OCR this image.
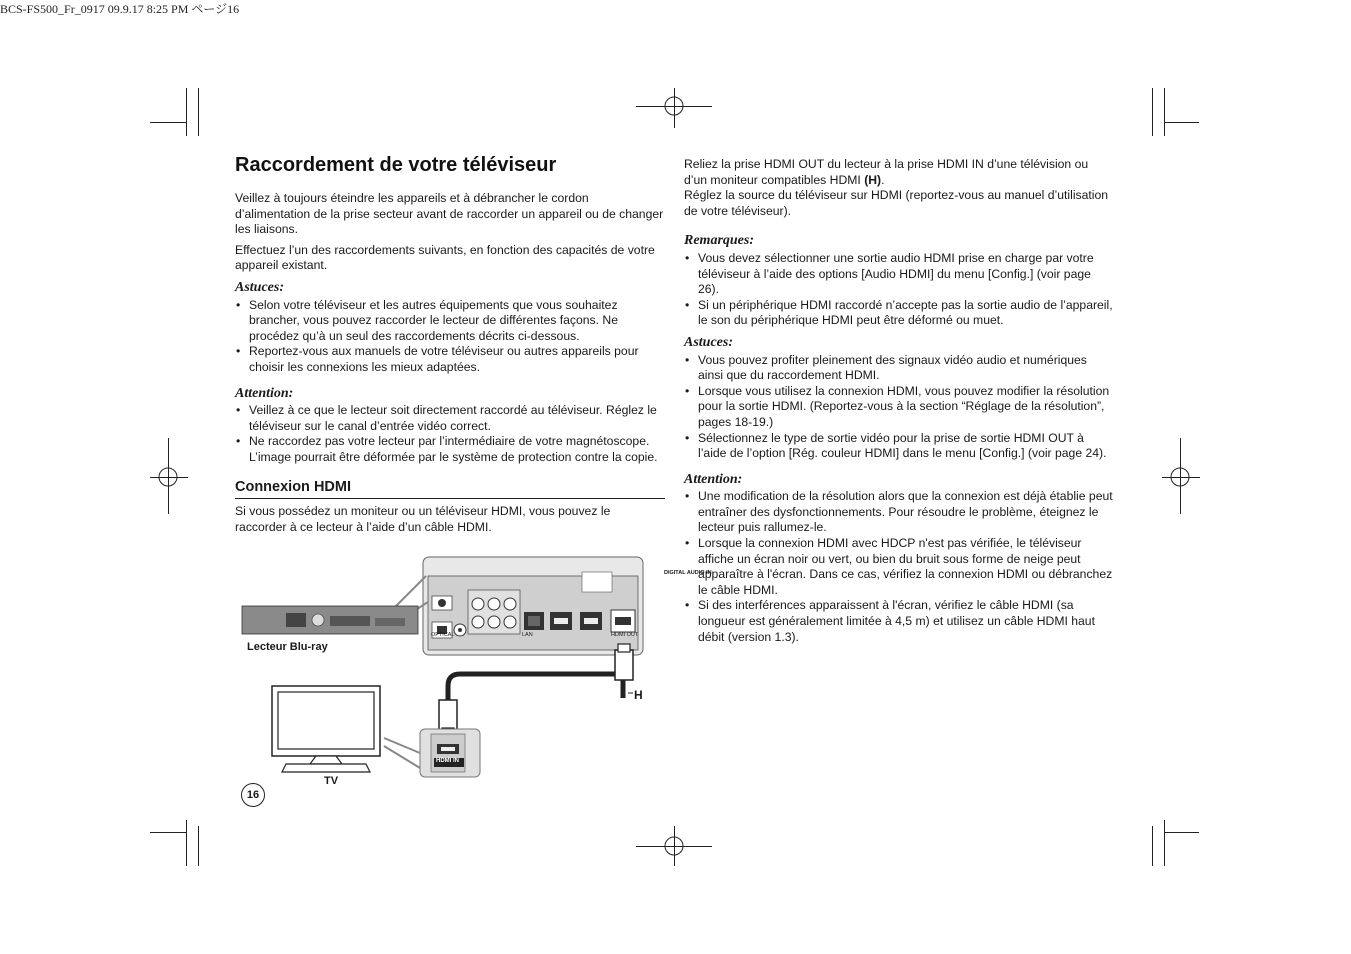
BCS-FS500_Fr_0917 09.9.17 8:25 PM ページ16
Raccordement de votre téléviseur

Veillez à toujours éteindre les appareils et à débrancher le cordon d’alimentation de la prise secteur avant de raccorder un appareil ou de changer les liaisons.

Effectuez l’un des raccordements suivants, en fonction des capacités de votre appareil existant.

Astuces:
• Selon votre téléviseur et les autres équipements que vous souhaitez brancher, vous pouvez raccorder le lecteur de différentes façons. Ne procédez qu’à un seul des raccordements décrits ci-dessous.
• Reportez-vous aux manuels de votre téléviseur ou autres appareils pour choisir les connexions les mieux adaptées.
Attention:
• Veillez à ce que le lecteur soit directement raccordé au téléviseur. Réglez le téléviseur sur le canal d’entrée vidéo correct.
• Ne raccordez pas votre lecteur par l’intermédiaire de votre magnétoscope. L’image pourrait être déformée par le système de protection contre la copie.
Connexion HDMI

Si vous possédez un moniteur ou un téléviseur HDMI, vous pouvez le raccorder à ce lecteur à l’aide d’un câble HDMI.

DIGITAL AUDIO IN
OPTICAL	LAN	HDMI OUT
HDMI IN
Lecteur Blu-ray
TV
H
16

Reliez la prise HDMI OUT du lecteur à la prise HDMI IN d’une télévision ou d’un moniteur compatibles HDMI (H).

Réglez la source du téléviseur sur HDMI (reportez-vous au manuel d’utilisation de votre téléviseur).

Remarques:
• Vous devez sélectionner une sortie audio HDMI prise en charge par votre téléviseur à l’aide des options [Audio HDMI] du menu [Config.] (voir page 26).
• Si un périphérique HDMI raccordé n’accepte pas la sortie audio de l’appareil, le son du périphérique HDMI peut être déformé ou muet.
Astuces:
• Vous pouvez profiter pleinement des signaux vidéo audio et numériques ainsi que du raccordement HDMI.
• Lorsque vous utilisez la connexion HDMI, vous pouvez modifier la résolution pour la sortie HDMI. (Reportez-vous à la section “Réglage de la résolution”, pages 18-19.)
• Sélectionnez le type de sortie vidéo pour la prise de sortie HDMI OUT à l’aide de l’option [Rég. couleur HDMI] dans le menu [Config.] (voir page 24).
Attention:
• Une modification de la résolution alors que la connexion est déjà établie peut entraîner des dysfonctionnements. Pour résoudre le problème, éteignez le lecteur puis rallumez-le.
• Lorsque la connexion HDMI avec HDCP n'est pas vérifiée, le téléviseur affiche un écran noir ou vert, ou bien du bruit sous forme de neige peut apparaître à l'écran. Dans ce cas, vérifiez la connexion HDMI ou débranchez le câble HDMI.
• Si des interférences apparaissent à l'écran, vérifiez le câble HDMI (sa longueur est généralement limitée à 4,5 m) et utilisez un câble HDMI haut débit (version 1.3).
